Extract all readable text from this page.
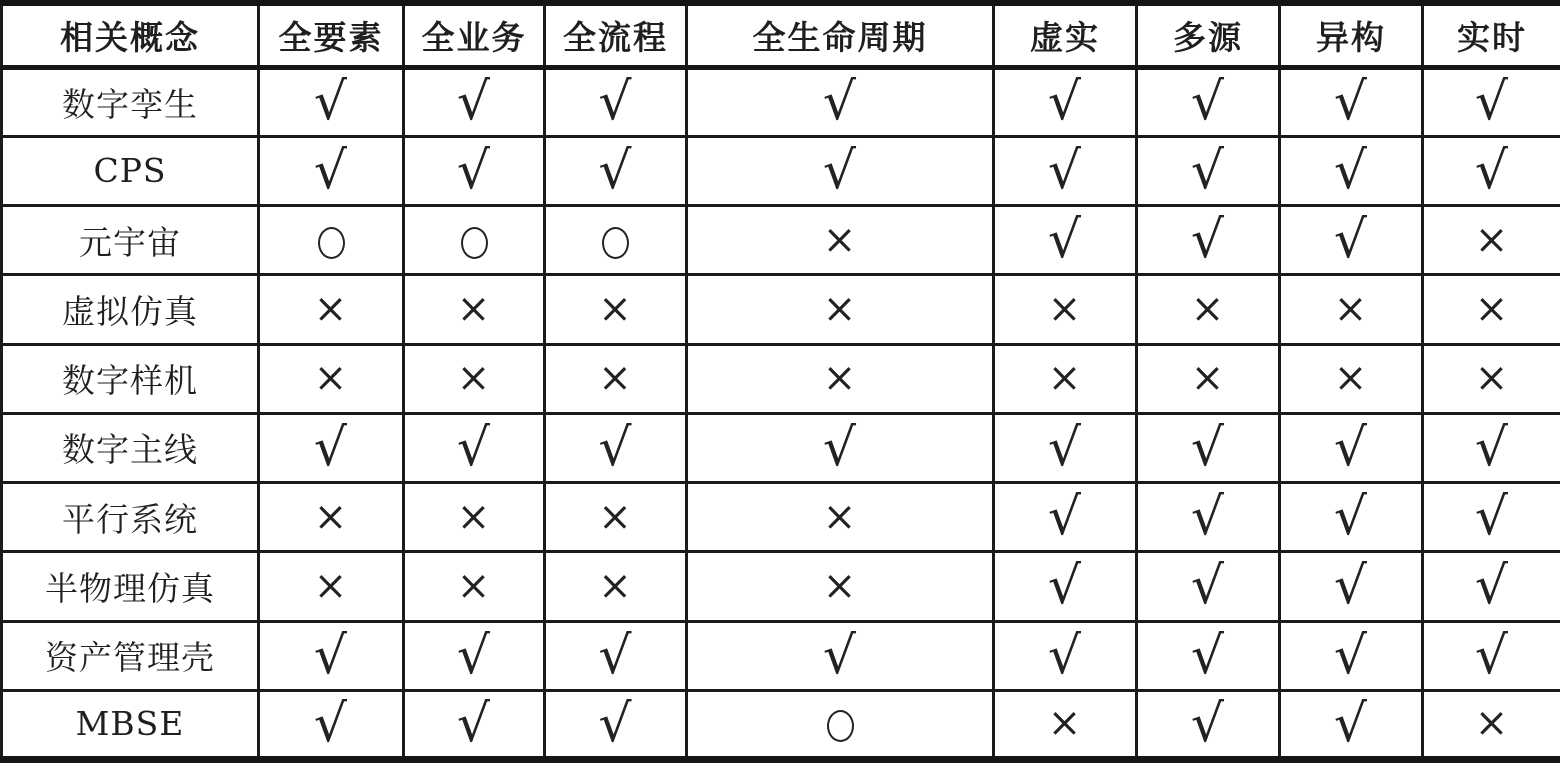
相关概念	全要素	全业务	全流程	全生命周期	虚实	多源	异构	实时
数字孪生	√	√	√	√	√	√	√	√
CPS	√	√	√	√	√	√	√	√
元宇宙				×	√	√	√	×
虚拟仿真	×	×	×	×	×	×	×	×
数字样机	×	×	×	×	×	×	×	×
数字主线	√	√	√	√	√	√	√	√
平行系统	×	×	×	×	√	√	√	√
半物理仿真	×	×	×	×	√	√	√	√
资产管理壳	√	√	√	√	√	√	√	√
MBSE	√	√	√		×	√	√	×
